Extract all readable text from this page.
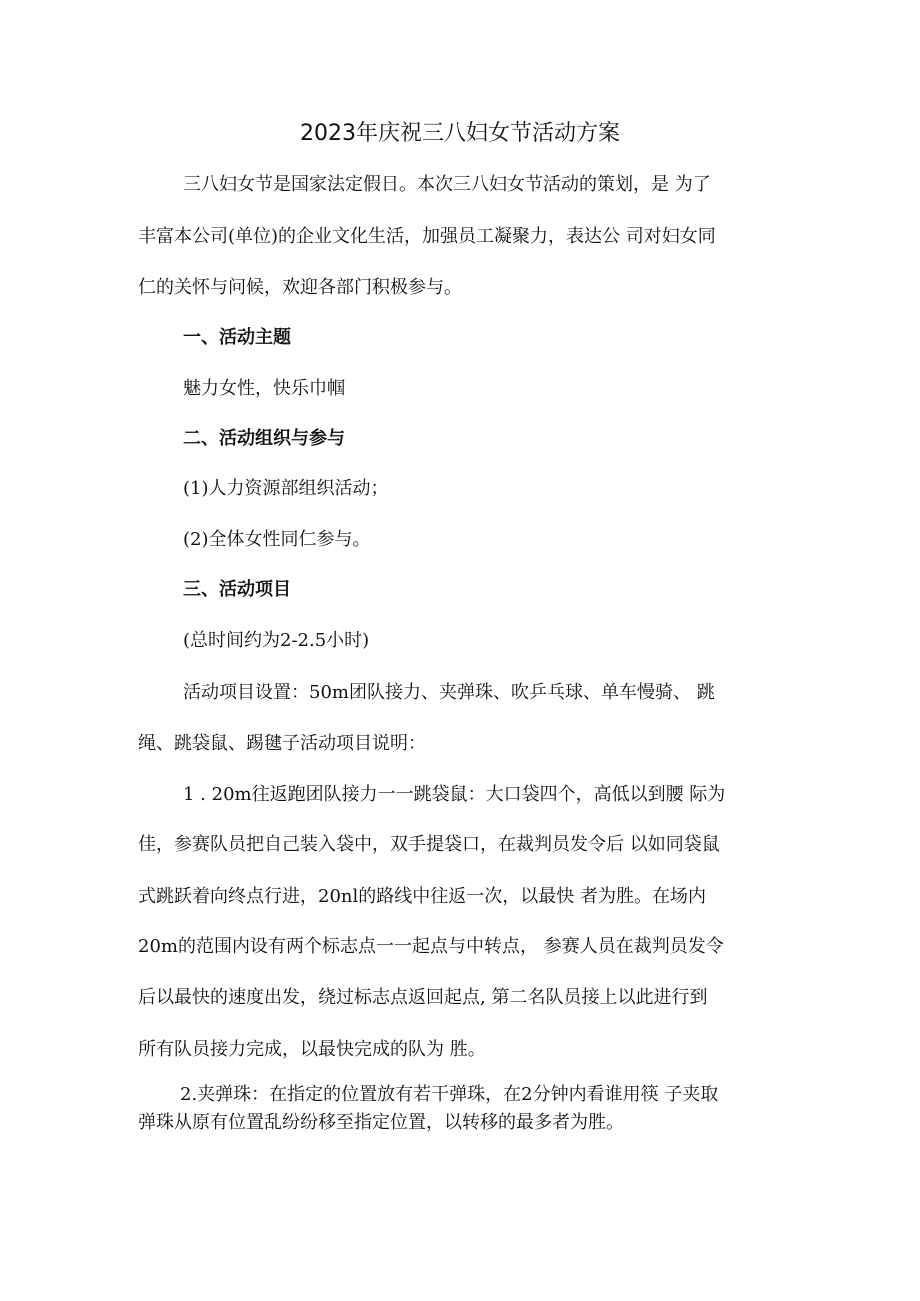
2023年庆祝三八妇女节活动方案
三八妇女节是国家法定假日。本次三八妇女节活动的策划，是 为了
丰富本公司(单位)的企业文化生活，加强员工凝聚力，表达公 司对妇女同
仁的关怀与问候，欢迎各部门积极参与。
一、活动主题
魅力女性，快乐巾帼
二、活动组织与参与
(1)人力资源部组织活动；
(2)全体女性同仁参与。
三、活动项目
(总时间约为2-2.5小时)
活动项目设置：50m团队接力、夹弹珠、吹乒乓球、单车慢骑、 跳
绳、跳袋鼠、踢毽子活动项目说明：
1 . 20m往返跑团队接力一一跳袋鼠：大口袋四个，高低以到腰 际为
佳，参赛队员把自己装入袋中，双手提袋口，在裁判员发令后 以如同袋鼠
式跳跃着向终点行进，20nl的路线中往返一次，以最快 者为胜。在场内
20m的范围内设有两个标志点一一起点与中转点， 参赛人员在裁判员发令
后以最快的速度出发，绕过标志点返回起点, 第二名队员接上以此进行到
所有队员接力完成，以最快完成的队为 胜。
2.夹弹珠：在指定的位置放有若干弹珠，在2分钟内看谁用筷 子夹取
弹珠从原有位置乱纷纷移至指定位置，以转移的最多者为胜。
